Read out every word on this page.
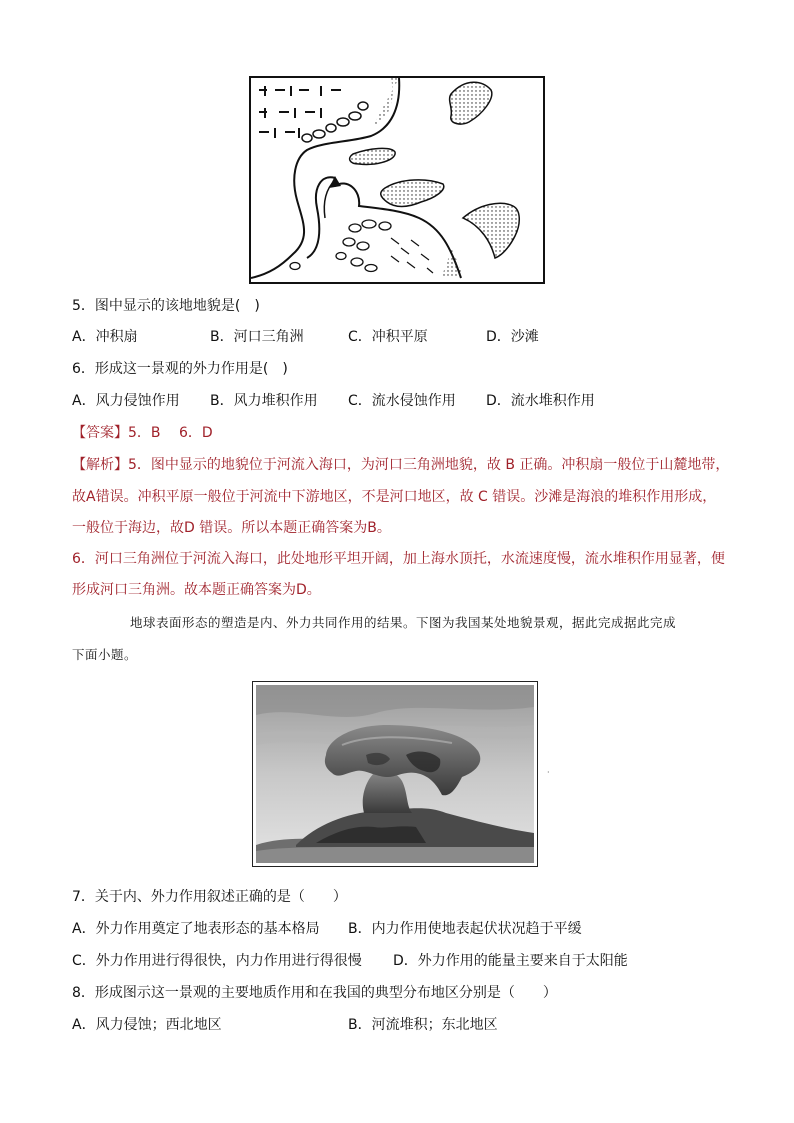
5．图中显示的该地地貌是(　)
A．冲积扇	B．河口三角洲	C．冲积平原	D．沙滩
6．形成这一景观的外力作用是(　)
A．风力侵蚀作用 B．风力堆积作用 C．流水侵蚀作用 D．流水堆积作用
【答案】5．B　 6．D
【解析】5．图中显示的地貌位于河流入海口，为河口三角洲地貌，故 B 正确。冲积扇一般位于山麓地带，
故A错误。冲积平原一般位于河流中下游地区，不是河口地区，故 C 错误。沙滩是海浪的堆积作用形成，
一般位于海边，故D 错误。所以本题正确答案为B。
6．河口三角洲位于河流入海口，此处地形平坦开阔，加上海水顶托，水流速度慢，流水堆积作用显著，便
形成河口三角洲。故本题正确答案为D。
地球表面形态的塑造是内、外力共同作用的结果。下图为我国某处地貌景观，据此完成据此完成
下面小题。
·
7．关于内、外力作用叙述正确的是（　　）
A．外力作用奠定了地表形态的基本格局 B．内力作用使地表起伏状况趋于平缓
C．外力作用进行得很快，内力作用进行得很慢 D．外力作用的能量主要来自于太阳能
8．形成图示这一景观的主要地质作用和在我国的典型分布地区分别是（　　）
A．风力侵蚀；西北地区	B．河流堆积；东北地区
